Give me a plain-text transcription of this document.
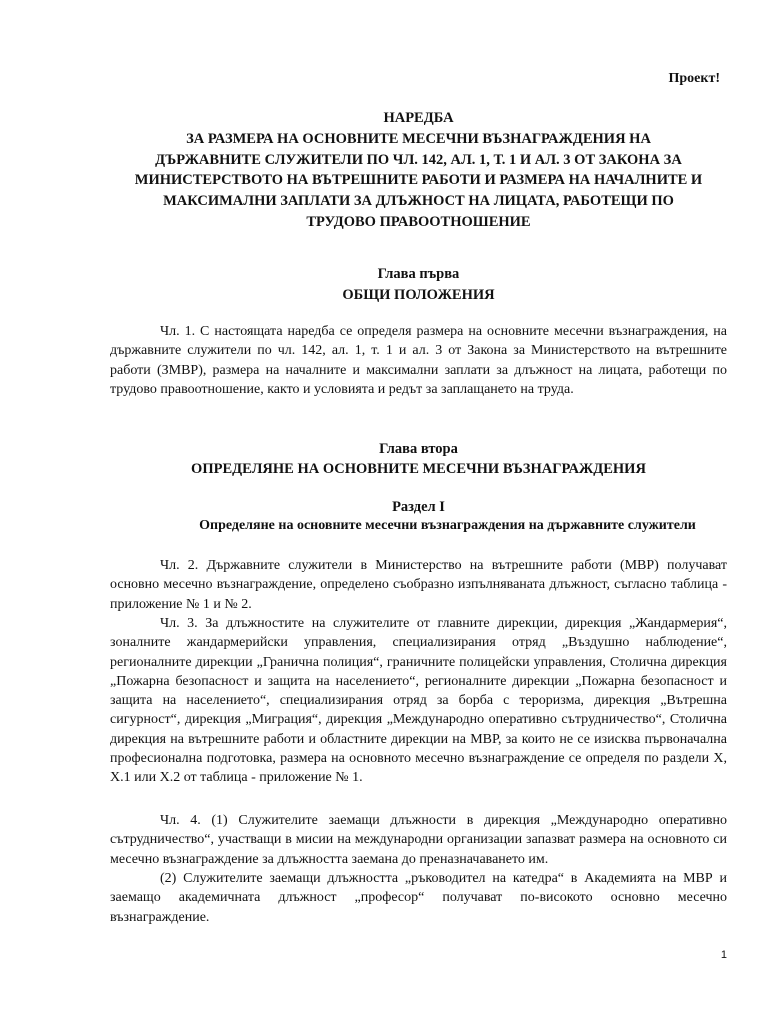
Проект!
НАРЕДБА
ЗА РАЗМЕРА НА ОСНОВНИТЕ МЕСЕЧНИ ВЪЗНАГРАЖДЕНИЯ НА
ДЪРЖАВНИТЕ СЛУЖИТЕЛИ ПО ЧЛ. 142, АЛ. 1, Т. 1 И АЛ. 3 ОТ ЗАКОНА ЗА
МИНИСТЕРСТВОТО НА ВЪТРЕШНИТЕ РАБОТИ И РАЗМЕРА НА НАЧАЛНИТЕ И
МАКСИМАЛНИ ЗАПЛАТИ ЗА ДЛЪЖНОСТ НА ЛИЦАТА, РАБОТЕЩИ ПО
ТРУДОВО ПРАВООТНОШЕНИЕ
Глава първа
ОБЩИ ПОЛОЖЕНИЯ

Чл. 1. С настоящата наредба се определя размера на основните месечни възнаграждения, на държавните служители по чл. 142, ал. 1, т. 1 и ал. 3 от Закона за Министерството на вътрешните работи (ЗМВР), размера на началните и максимални заплати за длъжност на лицата, работещи по трудово правоотношение, както и условията и редът за заплащането на труда.

Глава втора
ОПРЕДЕЛЯНЕ НА ОСНОВНИТЕ МЕСЕЧНИ ВЪЗНАГРАЖДЕНИЯ
Раздел I
Определяне на основните месечни възнаграждения на държавните служители

Чл. 2. Държавните служители в Министерство на вътрешните работи (МВР) получават основно месечно възнаграждение, определено съобразно изпълняваната длъжност, съгласно таблица - приложение № 1 и № 2.

Чл. 3. За длъжностите на служителите от главните дирекции, дирекция „Жандармерия“, зоналните жандармерийски управления, специализирания отряд „Въздушно наблюдение“, регионалните дирекции „Гранична полиция“, граничните полицейски управления, Столична дирекция „Пожарна безопасност и защита на населението“, регионалните дирекции „Пожарна безопасност и защита на населението“, специализирания отряд за борба с тероризма, дирекция „Вътрешна сигурност“, дирекция „Миграция“, дирекция „Международно оперативно сътрудничество“, Столична дирекция на вътрешните работи и областните дирекции на МВР, за които не се изисква първоначална професионална подготовка, размера на основното месечно възнаграждение се определя по раздели X, X.1 или X.2 от таблица - приложение № 1.

Чл. 4. (1) Служителите заемащи длъжности в дирекция „Международно оперативно сътрудничество“, участващи в мисии на международни организации запазват размера на основното си месечно възнаграждение за длъжността заемана до преназначаването им.

(2) Служителите заемащи длъжността „ръководител на катедра“ в Академията на МВР и заемащо академичната длъжност „професор“ получават по-високото основно месечно възнаграждение.

1
